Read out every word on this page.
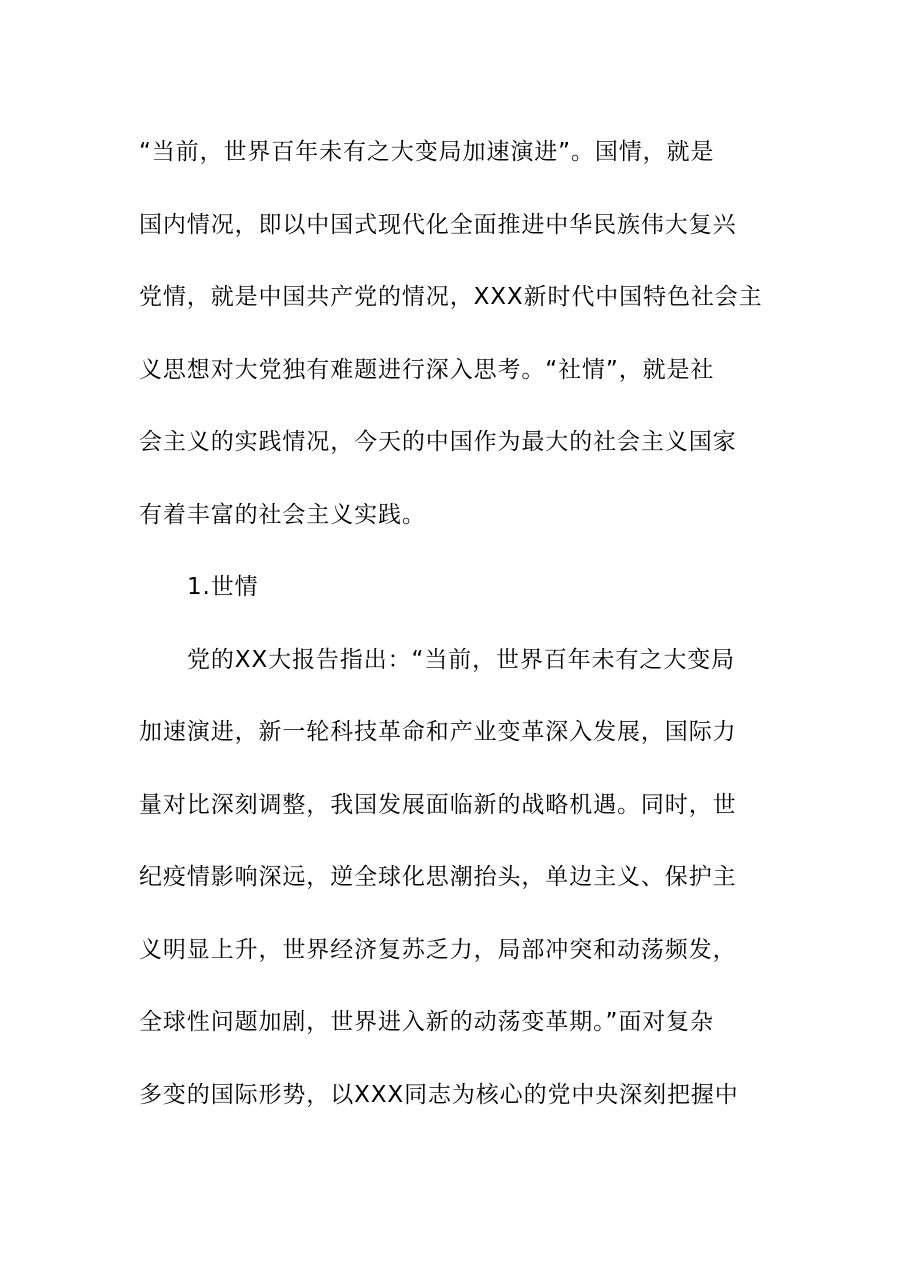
“当前，世界百年未有之大变局加速演进”。国情，就是
国内情况，即以中国式现代化全面推进中华民族伟大复兴
党情，就是中国共产党的情况，XXX新时代中国特色社会主
义思想对大党独有难题进行深入思考。“社情”，就是社
会主义的实践情况，今天的中国作为最大的社会主义国家
有着丰富的社会主义实践。
1.世情
党的XX大报告指出：“当前，世界百年未有之大变局
加速演进，新一轮科技革命和产业变革深入发展，国际力
量对比深刻调整，我国发展面临新的战略机遇。同时，世
纪疫情影响深远，逆全球化思潮抬头，单边主义、保护主
义明显上升，世界经济复苏乏力，局部冲突和动荡频发，
全球性问题加剧，世界进入新的动荡变革期。”面对复杂
多变的国际形势，以XXX同志为核心的党中央深刻把握中
